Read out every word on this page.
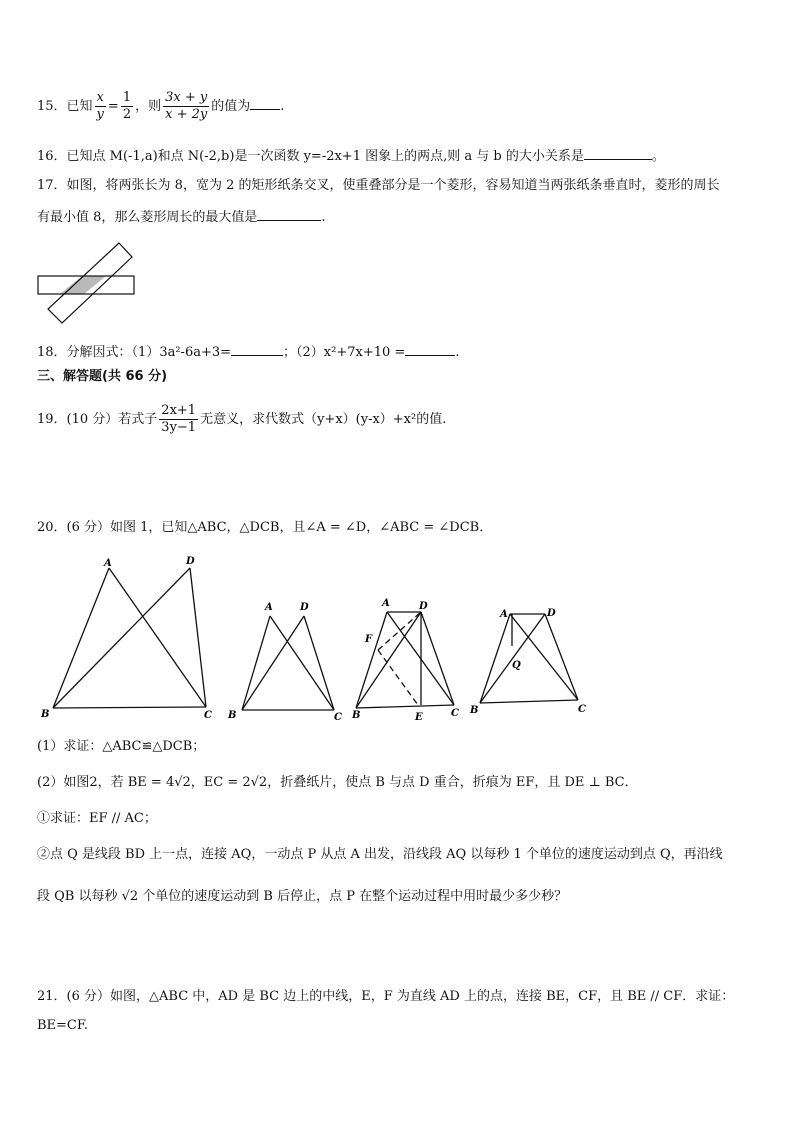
15．已知 $\frac{x}{y} = \frac{1}{2}$ ，则 $\frac{3x + y}{x + 2y}$ 的值为 .
16．已知点 M(-1,a)和点 N(-2,b)是一次函数 y=-2x+1 图象上的两点,则 a 与 b 的大小关系是	。
17．如图，将两张长为 8，宽为 2 的矩形纸条交叉，使重叠部分是一个菱形，容易知道当两张纸条垂直时，菱形的周长
有最小值 8，那么菱形周长的最大值是	.
18．分解因式：（1）3a²-6a+3=	；（2）x²+7x+10 =	.
三、解答题(共 66 分)
19．(10 分）若式子 $\frac{2x+1}{3y-1}$ 无意义，求代数式（y+x）(y-x）+x²的值.
20．(6 分）如图 1，已知△ABC，△DCB，且∠A = ∠D，∠ABC = ∠DCB．
A	D
B	C
A	D
B	C
A	D
F
B	E	C
A	D
Q
B	C
(1）求证：△ABC≌△DCB；
(2）如图2，若 BE = 4√2，EC = 2√2，折叠纸片，使点 B 与点 D 重合，折痕为 EF，且 DE ⊥ BC．
①求证：EF // AC；
②点 Q 是线段 BD 上一点，连接 AQ，一动点 P 从点 A 出发，沿线段 AQ 以每秒 1 个单位的速度运动到点 Q，再沿线
段 QB 以每秒 √2 个单位的速度运动到 B 后停止，点 P 在整个运动过程中用时最少多少秒？
21．(6 分）如图，△ABC 中，AD 是 BC 边上的中线，E，F 为直线 AD 上的点，连接 BE，CF，且 BE // CF．求证：
BE=CF.
